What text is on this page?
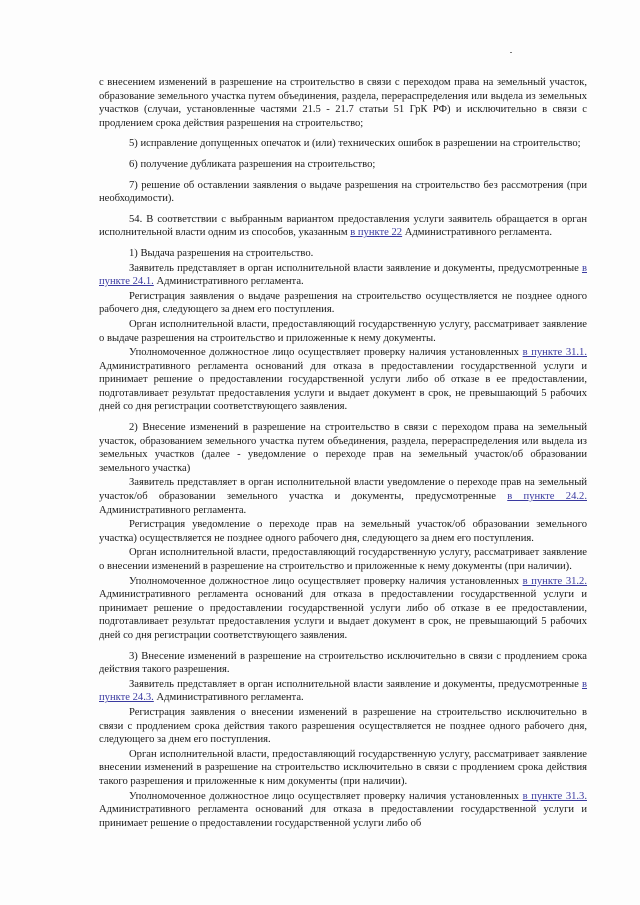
с внесением изменений в разрешение на строительство в связи с переходом права на земельный участок, образование земельного участка путем объединения, раздела, перераспределения или выдела из земельных участков (случаи, установленные частями 21.5 - 21.7 статьи 51 ГрК РФ) и исключительно в связи с продлением срока действия разрешения на строительство;

5) исправление допущенных опечаток и (или) технических ошибок в разрешении на строительство;

6) получение дубликата разрешения на строительство;

7) решение об оставлении заявления о выдаче разрешения на строительство без рассмотрения (при необходимости).

54. В соответствии с выбранным вариантом предоставления услуги заявитель обращается в орган исполнительной власти одним из способов, указанным в пункте 22 Административного регламента.

1) Выдача разрешения на строительство.

Заявитель представляет в орган исполнительной власти заявление и документы, предусмотренные в пункте 24.1. Административного регламента.

Регистрация заявления о выдаче разрешения на строительство осуществляется не позднее одного рабочего дня, следующего за днем его поступления.

Орган исполнительной власти, предоставляющий государственную услугу, рассматривает заявление о выдаче разрешения на строительство и приложенные к нему документы.

Уполномоченное должностное лицо осуществляет проверку наличия установленных в пункте 31.1. Административного регламента оснований для отказа в предоставлении государственной услуги и принимает решение о предоставлении государственной услуги либо об отказе в ее предоставлении, подготавливает результат предоставления услуги и выдает документ в срок, не превышающий 5 рабочих дней со дня регистрации соответствующего заявления.

2) Внесение изменений в разрешение на строительство в связи с переходом права на земельный участок, образованием земельного участка путем объединения, раздела, перераспределения или выдела из земельных участков (далее - уведомление о переходе прав на земельный участок/об образовании земельного участка)

Заявитель представляет в орган исполнительной власти уведомление о переходе прав на земельный участок/об образовании земельного участка и документы, предусмотренные в пункте 24.2. Административного регламента.

Регистрация уведомление о переходе прав на земельный участок/об образовании земельного участка) осуществляется не позднее одного рабочего дня, следующего за днем его поступления.

Орган исполнительной власти, предоставляющий государственную услугу, рассматривает заявление о внесении изменений в разрешение на строительство и приложенные к нему документы (при наличии).

Уполномоченное должностное лицо осуществляет проверку наличия установленных в пункте 31.2. Административного регламента оснований для отказа в предоставлении государственной услуги и принимает решение о предоставлении государственной услуги либо об отказе в ее предоставлении, подготавливает результат предоставления услуги и выдает документ в срок, не превышающий 5 рабочих дней со дня регистрации соответствующего заявления.

3) Внесение изменений в разрешение на строительство исключительно в связи с продлением срока действия такого разрешения.

Заявитель представляет в орган исполнительной власти заявление и документы, предусмотренные в пункте 24.3. Административного регламента.

Регистрация заявления о внесении изменений в разрешение на строительство исключительно в связи с продлением срока действия такого разрешения осуществляется не позднее одного рабочего дня, следующего за днем его поступления.

Орган исполнительной власти, предоставляющий государственную услугу, рассматривает заявление внесении изменений в разрешение на строительство исключительно в связи с продлением срока действия такого разрешения и приложенные к ним документы (при наличии).

Уполномоченное должностное лицо осуществляет проверку наличия установленных в пункте 31.3. Административного регламента оснований для отказа в предоставлении государственной услуги и принимает решение о предоставлении государственной услуги либо об
